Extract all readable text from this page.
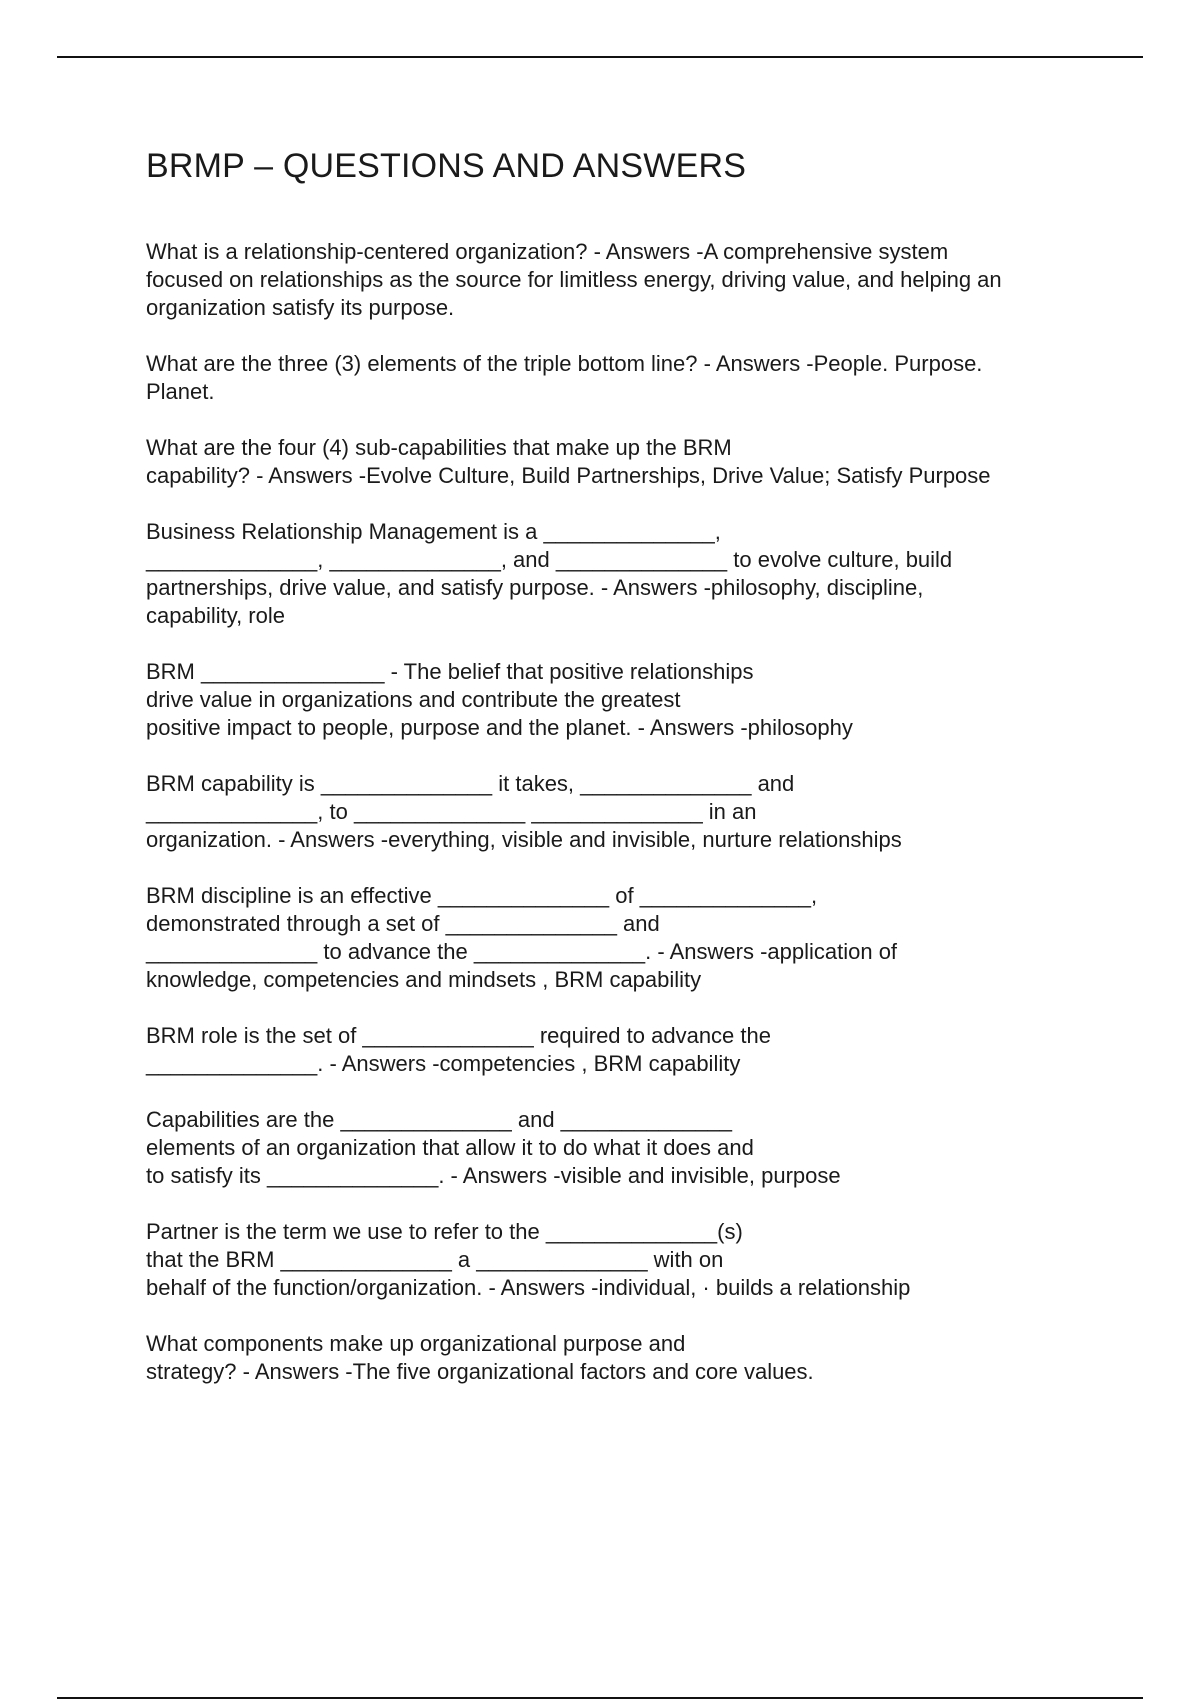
BRMP – QUESTIONS AND ANSWERS

What is a relationship-centered organization? - Answers -A comprehensive system
focused on relationships as the source for limitless energy, driving value, and helping an
organization satisfy its purpose.

What are the three (3) elements of the triple bottom line? - Answers -People. Purpose.
Planet.

What are the four (4) sub-capabilities that make up the BRM
capability? - Answers -Evolve Culture, Build Partnerships, Drive Value; Satisfy Purpose

Business Relationship Management is a ______________,
______________, ______________, and ______________ to evolve culture, build
partnerships, drive value, and satisfy purpose. - Answers -philosophy, discipline,
capability, role

BRM _______________ - The belief that positive relationships
drive value in organizations and contribute the greatest
positive impact to people, purpose and the planet. - Answers -philosophy

BRM capability is ______________ it takes, ______________ and
______________, to ______________ ______________ in an
organization. - Answers -everything, visible and invisible, nurture relationships

BRM discipline is an effective ______________ of ______________,
demonstrated through a set of ______________ and
______________ to advance the ______________. - Answers -application of
knowledge, competencies and mindsets , BRM capability

BRM role is the set of ______________ required to advance the
______________. - Answers -competencies , BRM capability

Capabilities are the ______________ and ______________
elements of an organization that allow it to do what it does and
to satisfy its ______________. - Answers -visible and invisible, purpose

Partner is the term we use to refer to the ______________(s)
that the BRM ______________ a ______________ with on
behalf of the function/organization. - Answers -individual, · builds a relationship

What components make up organizational purpose and
strategy? - Answers -The five organizational factors and core values.
